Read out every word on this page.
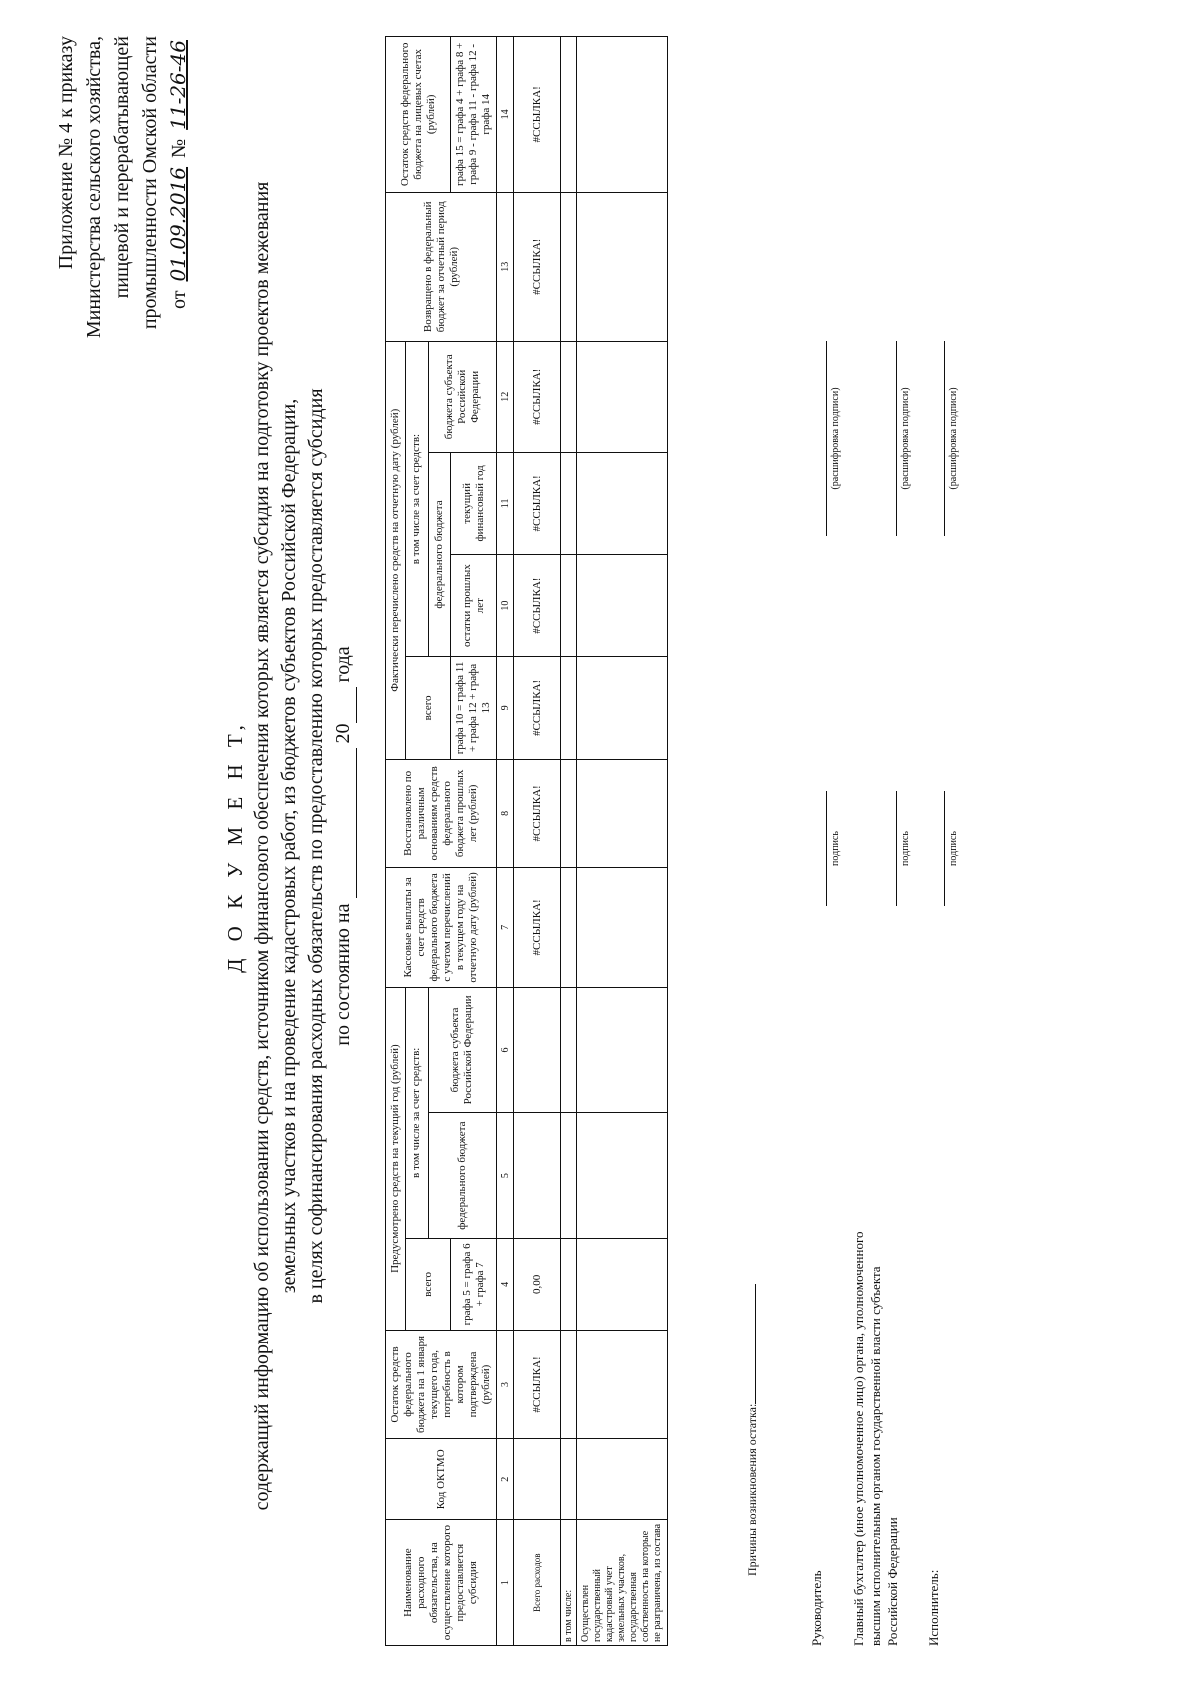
Приложение № 4 к приказу Министерства сельского хозяйства, пищевой и перерабатывающей промышленности Омской области от 01.09.2016 № 11-26-46
Д О К У М Е Н Т, содержащий информацию об использовании средств, источником финансового обеспечения которых является субсидия на подготовку проектов межевания земельных участков и на проведение кадастровых работ, из бюджетов субъектов Российской Федерации, в целях софинансирования расходных обязательств по предоставлению которых предоставляется субсидия по состоянию на  20 года
Наименование расходного обязательства, на осуществление которого предоставляется субсидия	Код ОКТМО	Остаток средств федерального бюджета на 1 января текущего года, потребность в котором подтверждена (рублей)	Предусмотрено средств на текущий год (рублей)			Кассовые выплаты за счет средств федерального бюджета с учетом перечислений в текущем году на отчетную дату (рублей)	Восстановлено по различным основаниям средств федерального бюджета прошлых лет (рублей)	Фактически перечислено средств на отчетную дату (рублей)				Возвращено в федеральный бюджет за отчетный период (рублей)	Остаток средств федерального бюджета на лицевых счетах (рублей)
			всего	в том числе за счет средств:				всего	в том числе за счет средств:				
				федерального бюджета	бюджета субъекта Российской Федерации				федерального бюджета		бюджета субъекта Российской Федерации		
			графа 5 = графа 6 + графа 7					графа 10 = графа 11 + графа 12 + графа 13	остатки прошлых лет	текущий финансовый год			графа 15 = графа 4 + графа 8 + графа 9 - графа 11 - графа 12 - графа 14
1	2	3	4	5	6	7	8	9	10	11	12	13	14
Всего расходов		#ССЫЛКА!	0,00			#ССЫЛКА!	#ССЫЛКА!	#ССЫЛКА!	#ССЫЛКА!	#ССЫЛКА!	#ССЫЛКА!	#ССЫЛКА!	#ССЫЛКА!
в том числе:													
Осуществлен государственный кадастровый учет земельных участков, государственная собственность на которые не разграничена, из состава													
Причины возникновения остатка:
Руководитель
подпись
(расшифровка подписи)
Главный бухгалтер (иное уполномоченное лицо) органа, уполномоченного высшим исполнительным органом государственной власти субъекта Российской Федерации
подпись
(расшифровка подписи)
Исполнитель:
подпись
(расшифровка подписи)
